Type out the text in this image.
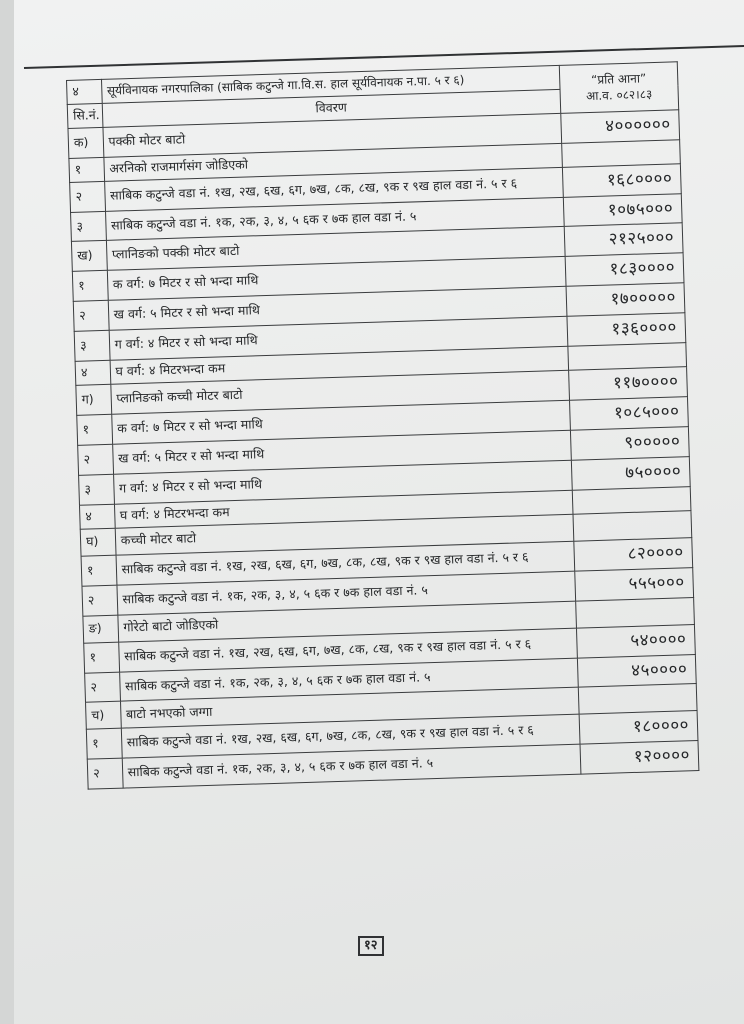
४	सूर्यविनायक नगरपालिका (साबिक कटुन्जे गा.वि.स. हाल सूर्यविनायक न.पा. ५ र ६)	“प्रति आना”
आ.व. ०८२।८३

सि.नं.	विवरण	
क)	पक्की मोटर बाटो	४००००००
१	अरनिको राजमार्गसंग जोडिएको	
२	साबिक कटुन्जे वडा नं. १ख, २ख, ६ख, ६ग, ७ख, ८क, ८ख, ९क र ९ख हाल वडा नं. ५ र ६	१६८००००
३	साबिक कटुन्जे वडा नं. १क, २क, ३, ४, ५ ६क र ७क हाल वडा नं. ५	१०७५०००
ख)	प्लानिङको पक्की मोटर बाटो	२१२५०००
१	क वर्ग: ७ मिटर र सो भन्दा माथि	१८३००००
२	ख वर्ग: ५ मिटर र सो भन्दा माथि	१७०००००
३	ग वर्ग: ४ मिटर र सो भन्दा माथि	१३६००००
४	घ वर्ग: ४ मिटरभन्दा कम	
ग)	प्लानिङको कच्ची मोटर बाटो	११७००००
१	क वर्ग: ७ मिटर र सो भन्दा माथि	१०८५०००
२	ख वर्ग: ५ मिटर र सो भन्दा माथि	९०००००
३	ग वर्ग: ४ मिटर र सो भन्दा माथि	७५००००
४	घ वर्ग: ४ मिटरभन्दा कम	
घ)	कच्ची मोटर बाटो	
१	साबिक कटुन्जे वडा नं. १ख, २ख, ६ख, ६ग, ७ख, ८क, ८ख, ९क र ९ख हाल वडा नं. ५ र ६	८२००००
२	साबिक कटुन्जे वडा नं. १क, २क, ३, ४, ५ ६क र ७क हाल वडा नं. ५	५५५०००
ङ)	गोरेटो बाटो जोडिएको	
१	साबिक कटुन्जे वडा नं. १ख, २ख, ६ख, ६ग, ७ख, ८क, ८ख, ९क र ९ख हाल वडा नं. ५ र ६	५४००००
२	साबिक कटुन्जे वडा नं. १क, २क, ३, ४, ५ ६क र ७क हाल वडा नं. ५	४५००००
च)	बाटो नभएको जग्गा	
१	साबिक कटुन्जे वडा नं. १ख, २ख, ६ख, ६ग, ७ख, ८क, ८ख, ९क र ९ख हाल वडा नं. ५ र ६	१८००००
२	साबिक कटुन्जे वडा नं. १क, २क, ३, ४, ५ ६क र ७क हाल वडा नं. ५	१२००००
१२
